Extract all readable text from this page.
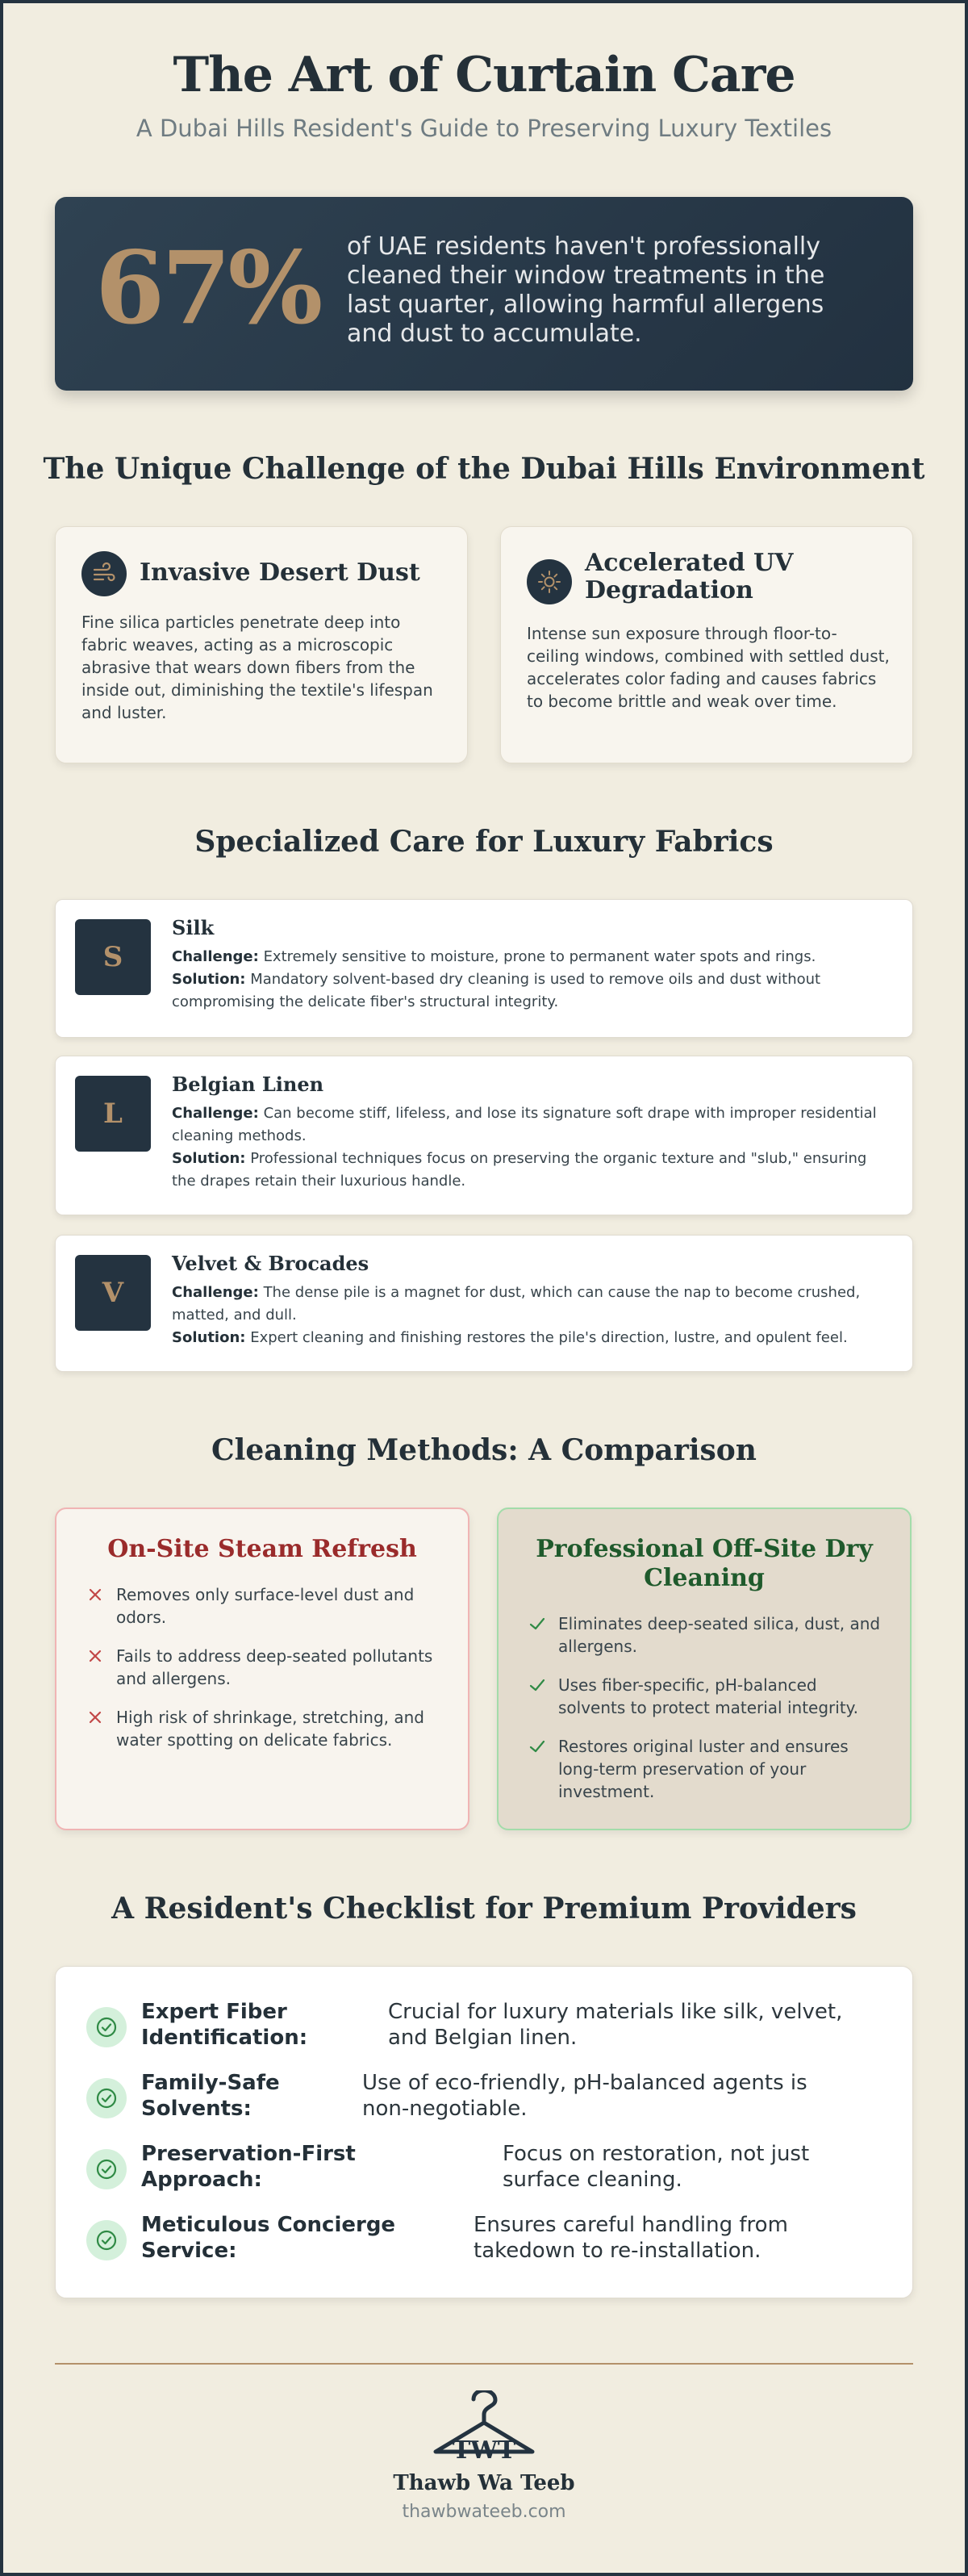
The Art of Curtain Care
A Dubai Hills Resident's Guide to Preserving Luxury Textiles
67% of UAE residents haven't professionally cleaned their window treatments in the last quarter, allowing harmful allergens and dust to accumulate.
The Unique Challenge of the Dubai Hills Environment
Invasive Desert Dust

Fine silica particles penetrate deep into fabric weaves, acting as a microscopic abrasive that wears down fibers from the inside out, diminishing the textile's lifespan and luster.

Accelerated UV Degradation

Intense sun exposure through floor-to-ceiling windows, combined with settled dust, accelerates color fading and causes fabrics to become brittle and weak over time.

Specialized Care for Luxury Fabrics
S
Silk
Challenge: Extremely sensitive to moisture, prone to permanent water spots and rings.
Solution: Mandatory solvent-based dry cleaning is used to remove oils and dust without compromising the delicate fiber's structural integrity.
L
Belgian Linen
Challenge: Can become stiff, lifeless, and lose its signature soft drape with improper residential cleaning methods.
Solution: Professional techniques focus on preserving the organic texture and "slub," ensuring the drapes retain their luxurious handle.
V
Velvet & Brocades
Challenge: The dense pile is a magnet for dust, which can cause the nap to become crushed, matted, and dull.
Solution: Expert cleaning and finishing restores the pile's direction, lustre, and opulent feel.
Cleaning Methods: A Comparison
On-Site Steam Refresh
Removes only surface-level dust and odors.
Fails to address deep-seated pollutants and allergens.
High risk of shrinkage, stretching, and water spotting on delicate fabrics.
Professional Off-Site Dry Cleaning
Eliminates deep-seated silica, dust, and allergens.
Uses fiber-specific, pH-balanced solvents to protect material integrity.
Restores original luster and ensures long-term preservation of your investment.
A Resident's Checklist for Premium Providers
Expert Fiber Identification:
Crucial for luxury materials like silk, velvet, and Belgian linen.
Family-Safe Solvents:
Use of eco-friendly, pH-balanced agents is non-negotiable.
Preservation-First Approach:
Focus on restoration, not just surface cleaning.
Meticulous Concierge Service:
Ensures careful handling from takedown to re-installation.
TWT
Thawb Wa Teeb
thawbwateeb.com
